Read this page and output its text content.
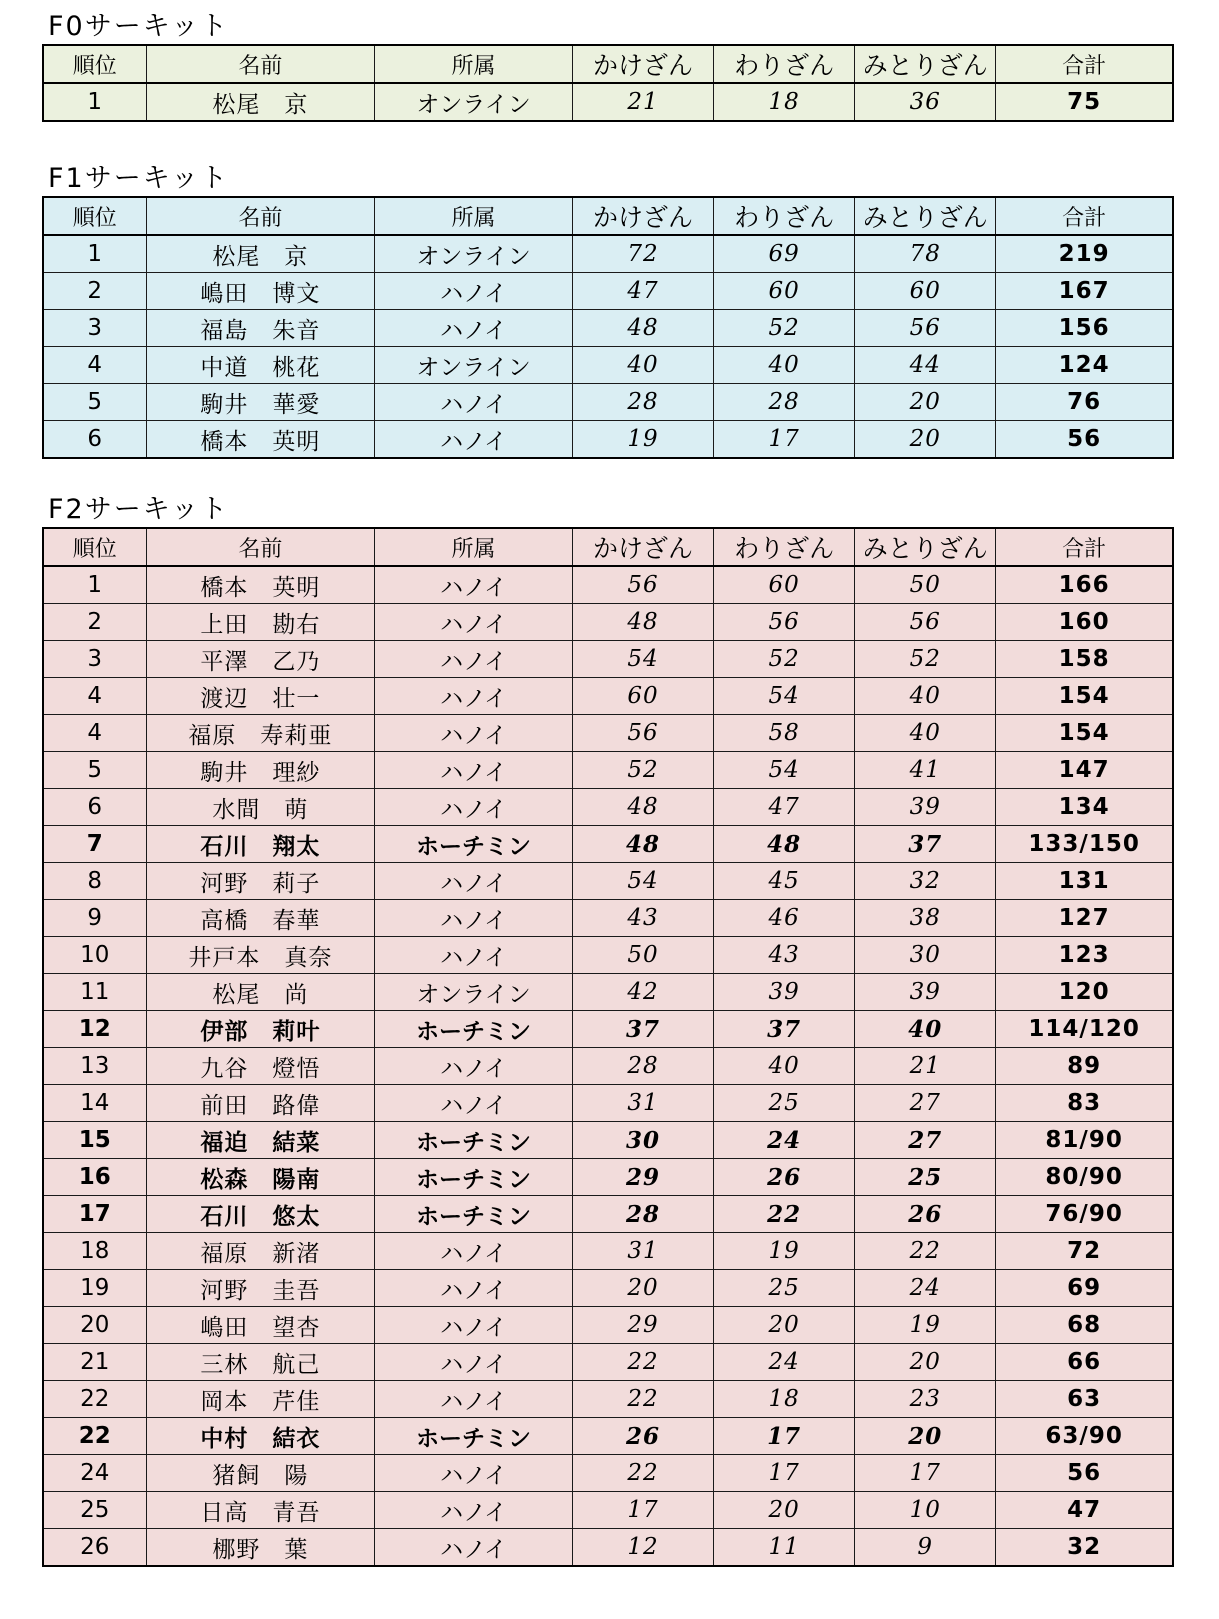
F0サーキット
順位	名前	所属	かけざん	わりざん	みとりざん	合計
1	松尾　京	オンライン	21	18	36	75
F1サーキット
順位	名前	所属	かけざん	わりざん	みとりざん	合計
1	松尾　京	オンライン	72	69	78	219
2	嶋田　博文	ハノイ	47	60	60	167
3	福島　朱音	ハノイ	48	52	56	156
4	中道　桃花	オンライン	40	40	44	124
5	駒井　華愛	ハノイ	28	28	20	76
6	橋本　英明	ハノイ	19	17	20	56
F2サーキット
順位	名前	所属	かけざん	わりざん	みとりざん	合計
1	橋本　英明	ハノイ	56	60	50	166
2	上田　勘右	ハノイ	48	56	56	160
3	平澤　乙乃	ハノイ	54	52	52	158
4	渡辺　壮一	ハノイ	60	54	40	154
4	福原　寿莉亜	ハノイ	56	58	40	154
5	駒井　理紗	ハノイ	52	54	41	147
6	水間　萌	ハノイ	48	47	39	134
7	石川　翔太	ホーチミン	48	48	37	133/150
8	河野　莉子	ハノイ	54	45	32	131
9	高橋　春華	ハノイ	43	46	38	127
10	井戸本　真奈	ハノイ	50	43	30	123
11	松尾　尚	オンライン	42	39	39	120
12	伊部　莉叶	ホーチミン	37	37	40	114/120
13	九谷　燈悟	ハノイ	28	40	21	89
14	前田　路偉	ハノイ	31	25	27	83
15	福迫　結菜	ホーチミン	30	24	27	81/90
16	松森　陽南	ホーチミン	29	26	25	80/90
17	石川　悠太	ホーチミン	28	22	26	76/90
18	福原　新渚	ハノイ	31	19	22	72
19	河野　圭吾	ハノイ	20	25	24	69
20	嶋田　望杏	ハノイ	29	20	19	68
21	三林　航己	ハノイ	22	24	20	66
22	岡本　芹佳	ハノイ	22	18	23	63
22	中村　結衣	ホーチミン	26	17	20	63/90
24	猪飼　陽	ハノイ	22	17	17	56
25	日高　青吾	ハノイ	17	20	10	47
26	梛野　葉	ハノイ	12	11	9	32
